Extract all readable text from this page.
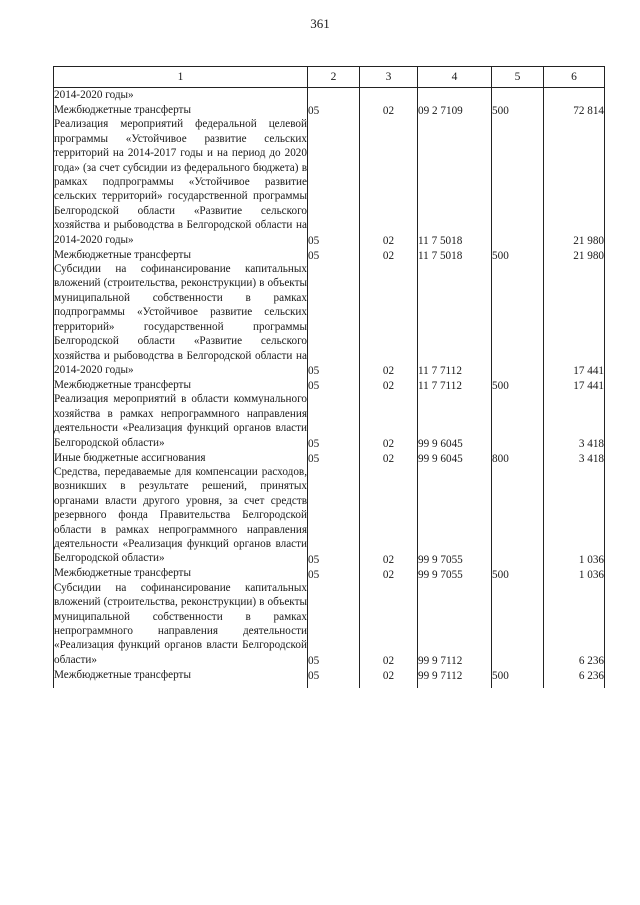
361
1	2	3	4	5	6
2014-2020 годы»					
Межбюджетные трансферты	05	02	09 2 7109	500	72 814
Реализация мероприятий федеральной целевой программы «Устойчивое развитие сельских территорий на 2014-2017 годы и на период до 2020 года» (за счет субсидии из федерального бюджета) в рамках подпрограммы «Устойчивое развитие сельских территорий» государственной программы Белгородской области «Развитие сельского хозяйства и рыбоводства в Белгородской области на 2014-2020 годы»	05	02	11 7 5018		21 980
Межбюджетные трансферты	05	02	11 7 5018	500	21 980
Субсидии на софинансирование капитальных вложений (строительства, реконструкции) в объекты муниципальной собственности в рамках подпрограммы «Устойчивое развитие сельских территорий» государственной программы Белгородской области «Развитие сельского хозяйства и рыбоводства в Белгородской области на 2014-2020 годы»	05	02	11 7 7112		17 441
Межбюджетные трансферты	05	02	11 7 7112	500	17 441
Реализация мероприятий в области коммунального хозяйства в рамках непрограммного направления деятельности «Реализация функций органов власти Белгородской области»	05	02	99 9 6045		3 418
Иные бюджетные ассигнования	05	02	99 9 6045	800	3 418
Средства, передаваемые для компенсации расходов, возникших в результате решений, принятых органами власти другого уровня, за счет средств резервного фонда Правительства Белгородской области в рамках непрограммного направления деятельности «Реализация функций органов власти Белгородской области»	05	02	99 9 7055		1 036
Межбюджетные трансферты	05	02	99 9 7055	500	1 036
Субсидии на софинансирование капитальных вложений (строительства, реконструкции) в объекты муниципальной собственности в рамках непрограммного направления деятельности «Реализация функций органов власти Белгородской области»	05	02	99 9 7112		6 236
Межбюджетные трансферты	05	02	99 9 7112	500	6 236
